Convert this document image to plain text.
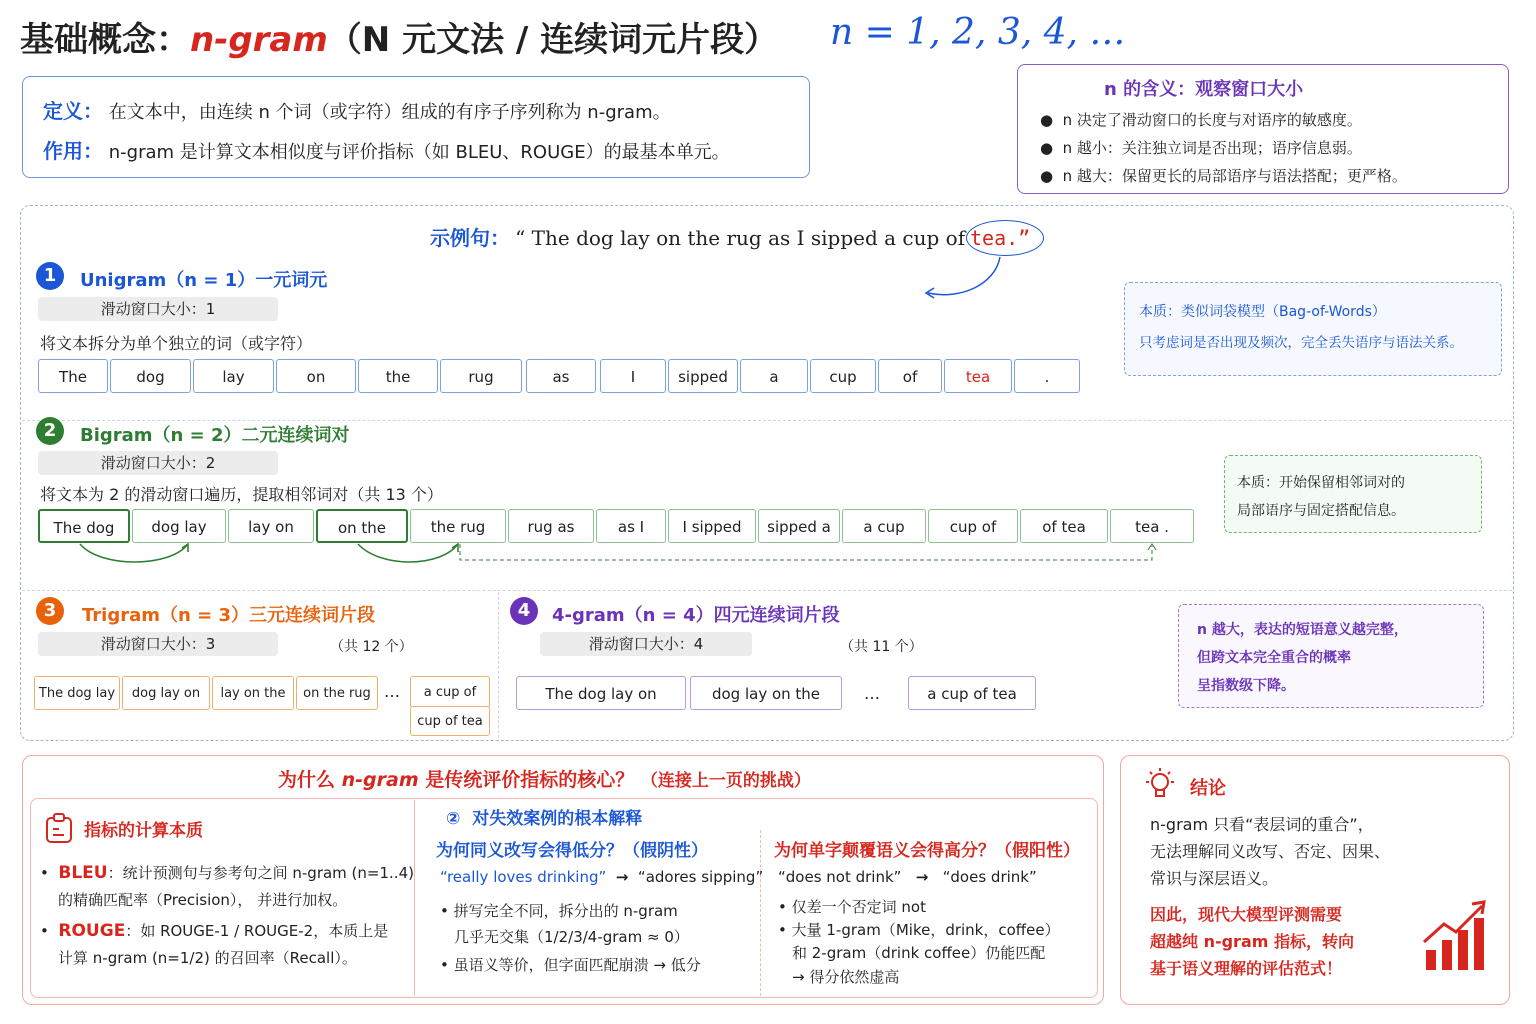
基础概念：n-gram（N 元文法 / 连续词元片段） n = 1, 2, 3, 4, …
定义： 在文本中，由连续 n 个词（或字符）组成的有序子序列称为 n-gram。
作用： n-gram 是计算文本相似度与评价指标（如 BLEU、ROUGE）的最基本单元。
n 的含义：观察窗口大小
●  n 决定了滑动窗口的长度与对语序的敏感度。
●  n 越小：关注独立词是否出现；语序信息弱。
●  n 越大：保留更长的局部语序与语法搭配；更严格。
示例句： “ The dog lay on the rug as I sipped a cup of tea.”
1	Unigram（n = 1）一元词元
滑动窗口大小：1
将文本拆分为单个独立的词（或字符）
The	dog	lay	on	the	rug	as	I	sipped	a	cup	of	tea	.
本质：类似词袋模型（Bag-of-Words）
只考虑词是否出现及频次，完全丢失语序与语法关系。
2	Bigram（n = 2）二元连续词对
滑动窗口大小：2
将文本为 2 的滑动窗口遍历，提取相邻词对（共 13 个）
The dog	dog lay	lay on	on the	the rug	rug as	as I	I sipped	sipped a	a cup	cup of	of tea	tea .
本质：开始保留相邻词对的
局部语序与固定搭配信息。
3	Trigram（n = 3）三元连续词片段
滑动窗口大小：3	（共 12 个）
The dog lay	dog lay on	lay on the	on the rug …	a cup of
cup of tea
4	4-gram（n = 4）四元连续词片段
滑动窗口大小：4	（共 11 个）
The dog lay on	dog lay on the	…	a cup of tea
n 越大，表达的短语意义越完整，
但跨文本完全重合的概率
呈指数级下降。
为什么 n-gram 是传统评价指标的核心？ （连接上一页的挑战）
指标的计算本质
•  BLEU：统计预测句与参考句之间 n-gram (n=1..4)
的精确匹配率（Precision）， 并进行加权。
•  ROUGE：如 ROUGE-1 / ROUGE-2，本质上是
计算 n-gram (n=1/2) 的召回率（Recall）。
② 对失效案例的根本解释
为何同义改写会得低分？（假阴性）
“really loves drinking” → “adores sipping”
• 拼写完全不同，拆分出的 n-gram
几乎无交集（1/2/3/4-gram ≈ 0）
• 虽语义等价，但字面匹配崩溃 → 低分
为何单字颠覆语义会得高分？（假阳性）
“does not drink” → “does drink”
• 仅差一个否定词 not
• 大量 1-gram（Mike，drink，coffee）
和 2-gram（drink coffee）仍能匹配
→ 得分依然虚高
结论
n-gram 只看“表层词的重合”，
无法理解同义改写、否定、因果、
常识与深层语义。
因此，现代大模型评测需要
超越纯 n-gram 指标，转向
基于语义理解的评估范式！
